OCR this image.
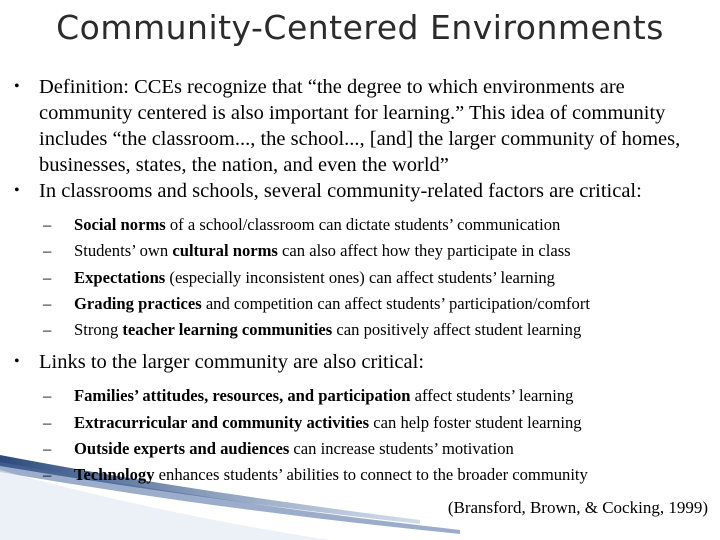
Community-Centered Environments

• Definition: CCEs recognize that “the degree to which environments are community centered is also important for learning.” This idea of community includes “the classroom..., the school..., [and] the larger community of homes, businesses, states, the nation, and even the world”

• In classrooms and schools, several community-related factors are critical:

– Social norms of a school/classroom can dictate students’ communication
– Students’ own cultural norms can also affect how they participate in class
– Expectations (especially inconsistent ones) can affect students’ learning
– Grading practices and competition can affect students’ participation/comfort
– Strong teacher learning communities can positively affect student learning

• Links to the larger community are also critical:

– Families’ attitudes, resources, and participation affect students’ learning
– Extracurricular and community activities can help foster student learning
– Outside experts and audiences can increase students’ motivation
– Technology enhances students’ abilities to connect to the broader community
(Bransford, Brown, & Cocking, 1999)
